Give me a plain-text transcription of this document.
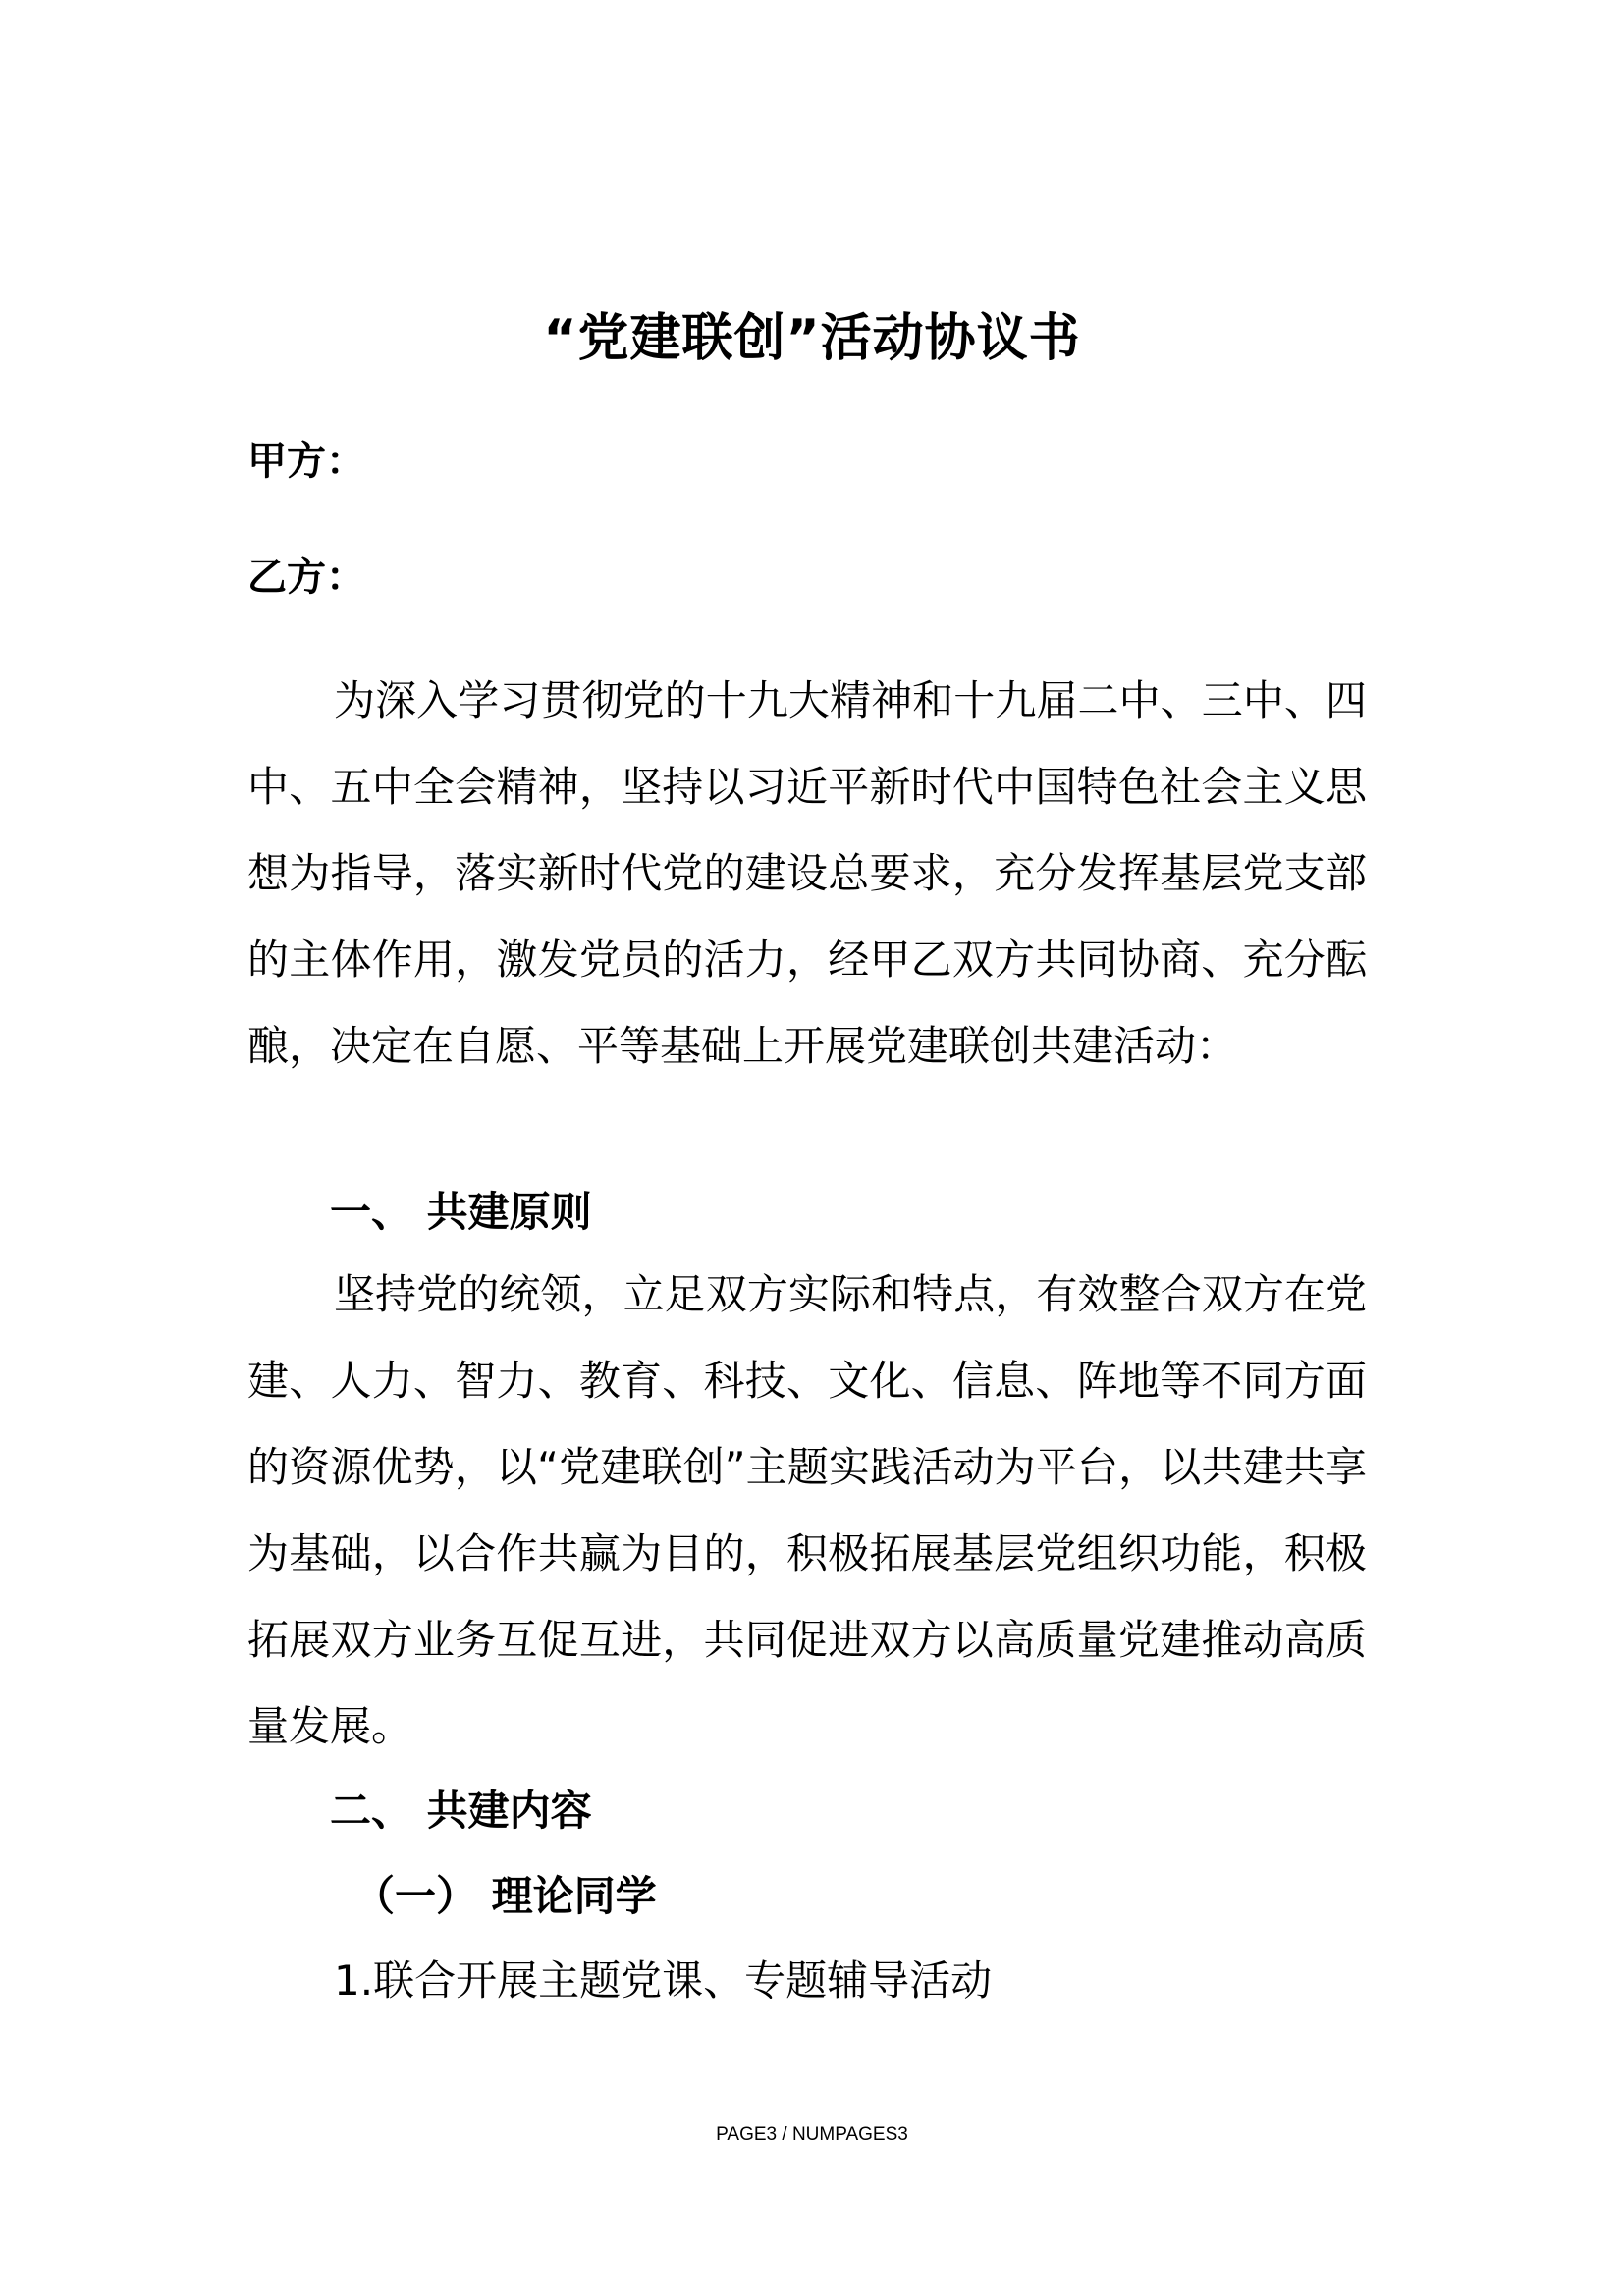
“党建联创”活动协议书
甲方：
乙方：
为深入学习贯彻党的十九大精神和十九届二中、三中、四中、五中全会精神，坚持以习近平新时代中国特色社会主义思想为指导，落实新时代党的建设总要求，充分发挥基层党支部的主体作用，激发党员的活力，经甲乙双方共同协商、充分酝酿，决定在自愿、平等基础上开展党建联创共建活动：
一、 共建原则
坚持党的统领，立足双方实际和特点，有效整合双方在党建、人力、智力、教育、科技、文化、信息、阵地等不同方面的资源优势，以“党建联创”主题实践活动为平台，以共建共享为基础，以合作共赢为目的，积极拓展基层党组织功能，积极拓展双方业务互促互进，共同促进双方以高质量党建推动高质量发展。
二、 共建内容
（一） 理论同学
1.联合开展主题党课、专题辅导活动
PAGE3 / NUMPAGES3
